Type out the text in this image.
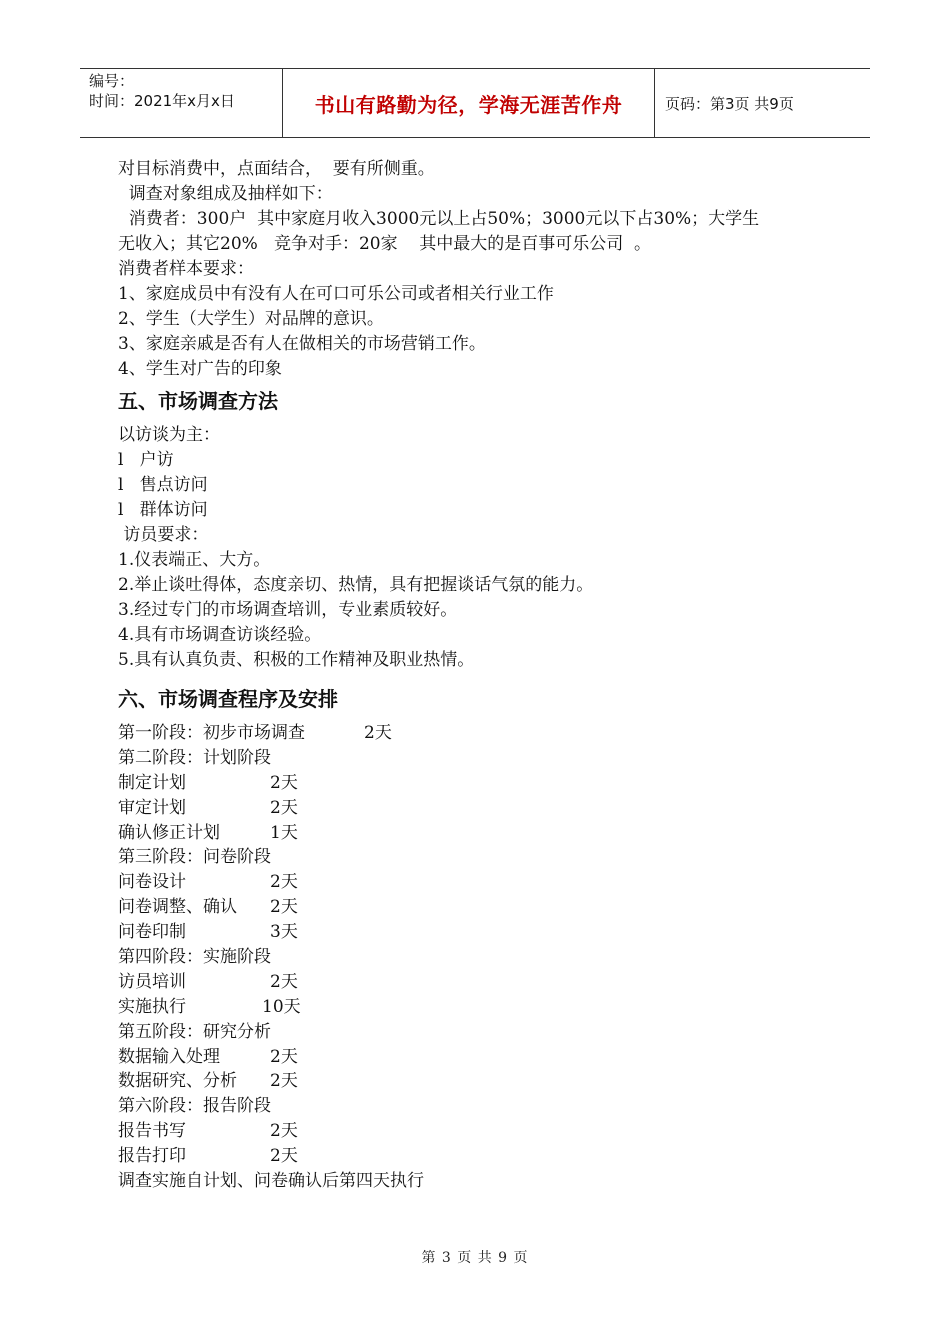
编号：
时间：2021年x月x日	书山有路勤为径，学海无涯苦作舟	页码：第3页 共9页
对目标消费中，点面结合，  要有所侧重。
调查对象组成及抽样如下：
消费者：300户  其中家庭月收入3000元以上占50%；3000元以下占30%；大学生
无收入；其它20%   竞争对手：20家    其中最大的是百事可乐公司  。
消费者样本要求：
1、家庭成员中有没有人在可口可乐公司或者相关行业工作
2、学生（大学生）对品牌的意识。
3、家庭亲戚是否有人在做相关的市场营销工作。
4、学生对广告的印象
五、市场调查方法
以访谈为主：
l   户访
l   售点访问
l   群体访问
访员要求：
1.仪表端正、大方。
2.举止谈吐得体，态度亲切、热情，具有把握谈话气氛的能力。
3.经过专门的市场调查培训，专业素质较好。
4.具有市场调查访谈经验。
5.具有认真负责、积极的工作精神及职业热情。
六、市场调查程序及安排
第一阶段：初步市场调查	2天
第二阶段：计划阶段
制定计划	2天
审定计划	2天
确认修正计划	1天
第三阶段：问卷阶段
问卷设计	2天
问卷调整、确认	2天
问卷印制	3天
第四阶段：实施阶段
访员培训	2天
实施执行	10天
第五阶段：研究分析
数据输入处理	2天
数据研究、分析	2天
第六阶段：报告阶段
报告书写	2天
报告打印	2天
调查实施自计划、问卷确认后第四天执行
第 3 页 共 9 页
